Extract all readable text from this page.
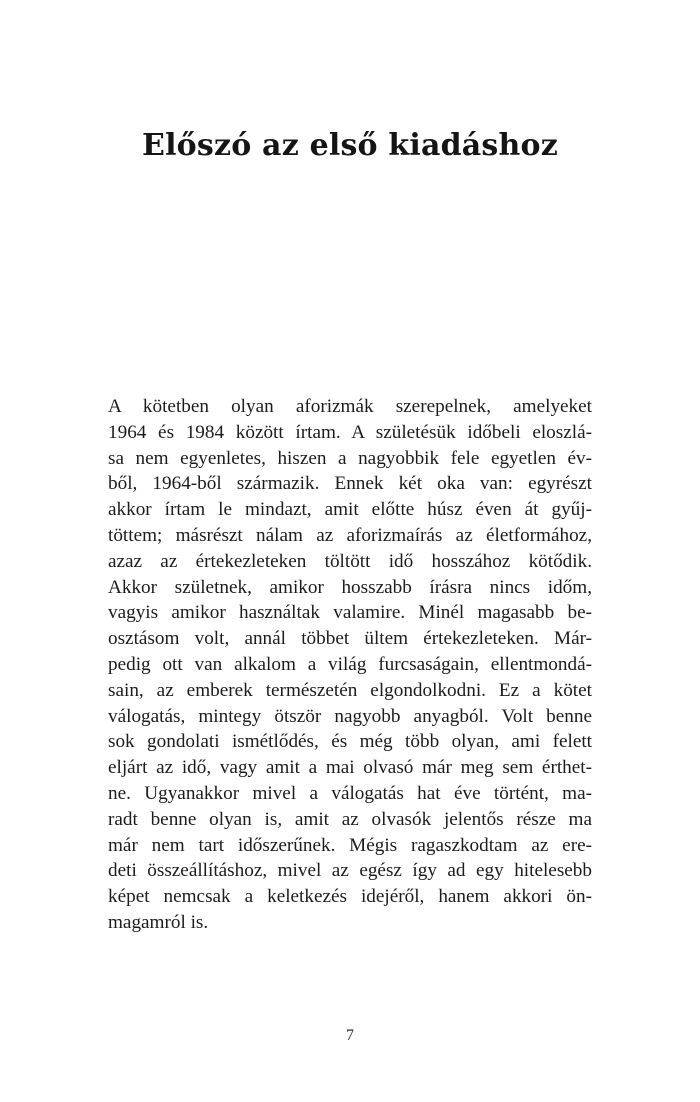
Előszó az első kiadáshoz
A kötetben olyan aforizmák szerepelnek, amelyeket
1964 és 1984 között írtam. A születésük időbeli eloszlá-
sa nem egyenletes, hiszen a nagyobbik fele egyetlen év-
ből, 1964-ből származik. Ennek két oka van: egyrészt
akkor írtam le mindazt, amit előtte húsz éven át gyűj-
töttem; másrészt nálam az aforizmaírás az életformához,
azaz az értekezleteken töltött idő hosszához kötődik.
Akkor születnek, amikor hosszabb írásra nincs időm,
vagyis amikor használtak valamire. Minél magasabb be-
osztásom volt, annál többet ültem értekezleteken. Már-
pedig ott van alkalom a világ furcsaságain, ellentmondá-
sain, az emberek természetén elgondolkodni. Ez a kötet
válogatás, mintegy ötször nagyobb anyagból. Volt benne
sok gondolati ismétlődés, és még több olyan, ami felett
eljárt az idő, vagy amit a mai olvasó már meg sem érthet-
ne. Ugyanakkor mivel a válogatás hat éve történt, ma-
radt benne olyan is, amit az olvasók jelentős része ma
már nem tart időszerűnek. Mégis ragaszkodtam az ere-
deti összeállításhoz, mivel az egész így ad egy hitelesebb
képet nemcsak a keletkezés idejéről, hanem akkori ön-
magamról is.
7
